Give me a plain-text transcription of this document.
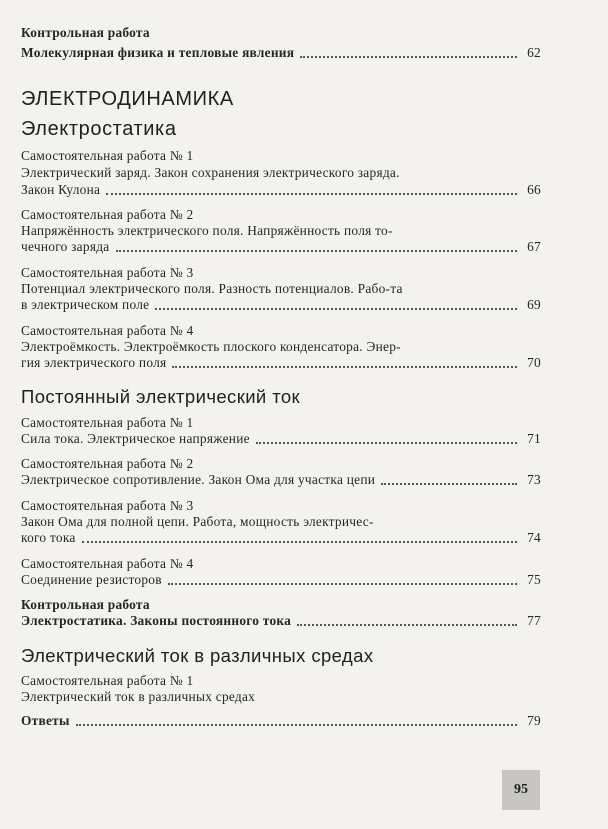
Контрольная работа
Молекулярная физика и тепловые явления	62
ЭЛЕКТРОДИНАМИКА
Электростатика
Самостоятельная работа № 1
Электрический заряд. Закон сохранения электрического заряда.
Закон Кулона	66
Самостоятельная работа № 2
Напряжённость электрического поля. Напряжённость поля то-
чечного заряда	67
Самостоятельная работа № 3
Потенциал электрического поля. Разность потенциалов. Рабо-та
в электрическом поле	69
Самостоятельная работа № 4
Электроёмкость. Электроёмкость плоского конденсатора. Энер-
гия электрического поля	70
Постоянный электрический ток
Самостоятельная работа № 1
Сила тока. Электрическое напряжение	71
Самостоятельная работа № 2
Электрическое сопротивление. Закон Ома для участка цепи	73
Самостоятельная работа № 3
Закон Ома для полной цепи. Работа, мощность электричес-
кого тока	74
Самостоятельная работа № 4
Соединение резисторов	75
Контрольная работа
Электростатика. Законы постоянного тока	77
Электрический ток в различных средах
Самостоятельная работа № 1
Электрический ток в различных средах
Ответы	79
95
